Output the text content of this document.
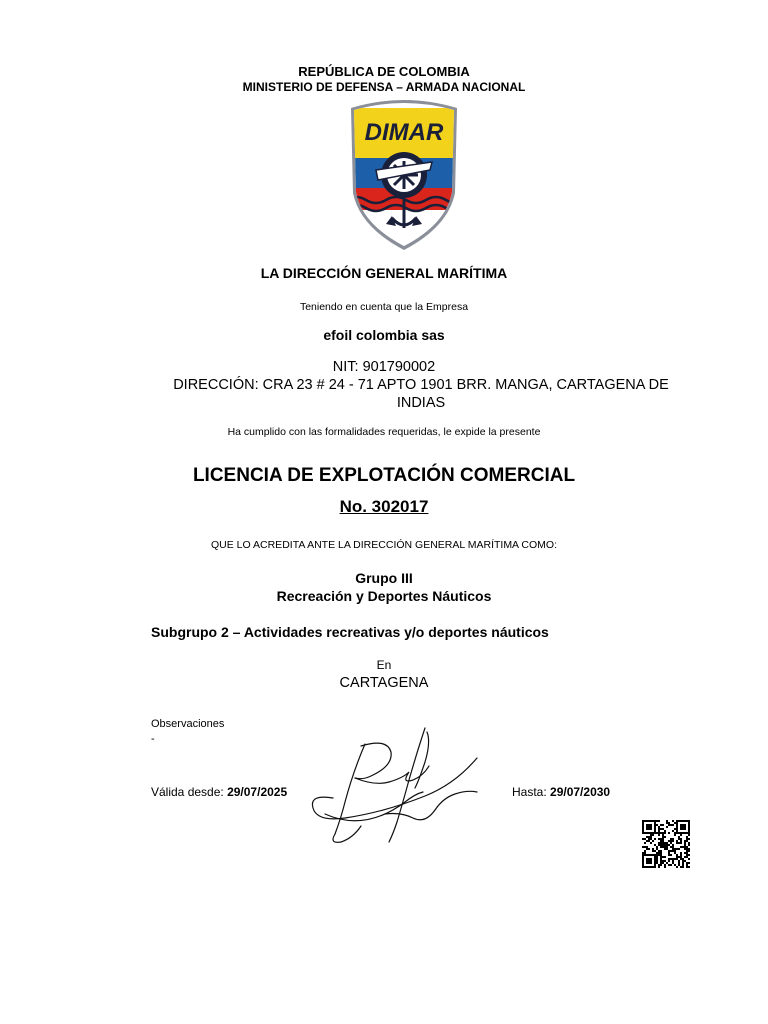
REPÚBLICA DE COLOMBIA
MINISTERIO DE DEFENSA – ARMADA NACIONAL
DIMAR
LA DIRECCIÓN GENERAL MARÍTIMA
Teniendo en cuenta que la Empresa
efoil colombia sas
NIT: 901790002
DIRECCIÓN: CRA 23 # 24 - 71 APTO 1901 BRR. MANGA, CARTAGENA DE INDIAS
Ha cumplido con las formalidades requeridas, le expide la presente
LICENCIA DE EXPLOTACIÓN COMERCIAL
No. 302017
QUE LO ACREDITA ANTE LA DIRECCIÓN GENERAL MARÍTIMA COMO:
Grupo III
Recreación y Deportes Náuticos
Subgrupo 2 – Actividades recreativas y/o deportes náuticos
En
CARTAGENA
Observaciones
-
Válida desde: 29/07/2025	Hasta: 29/07/2030
